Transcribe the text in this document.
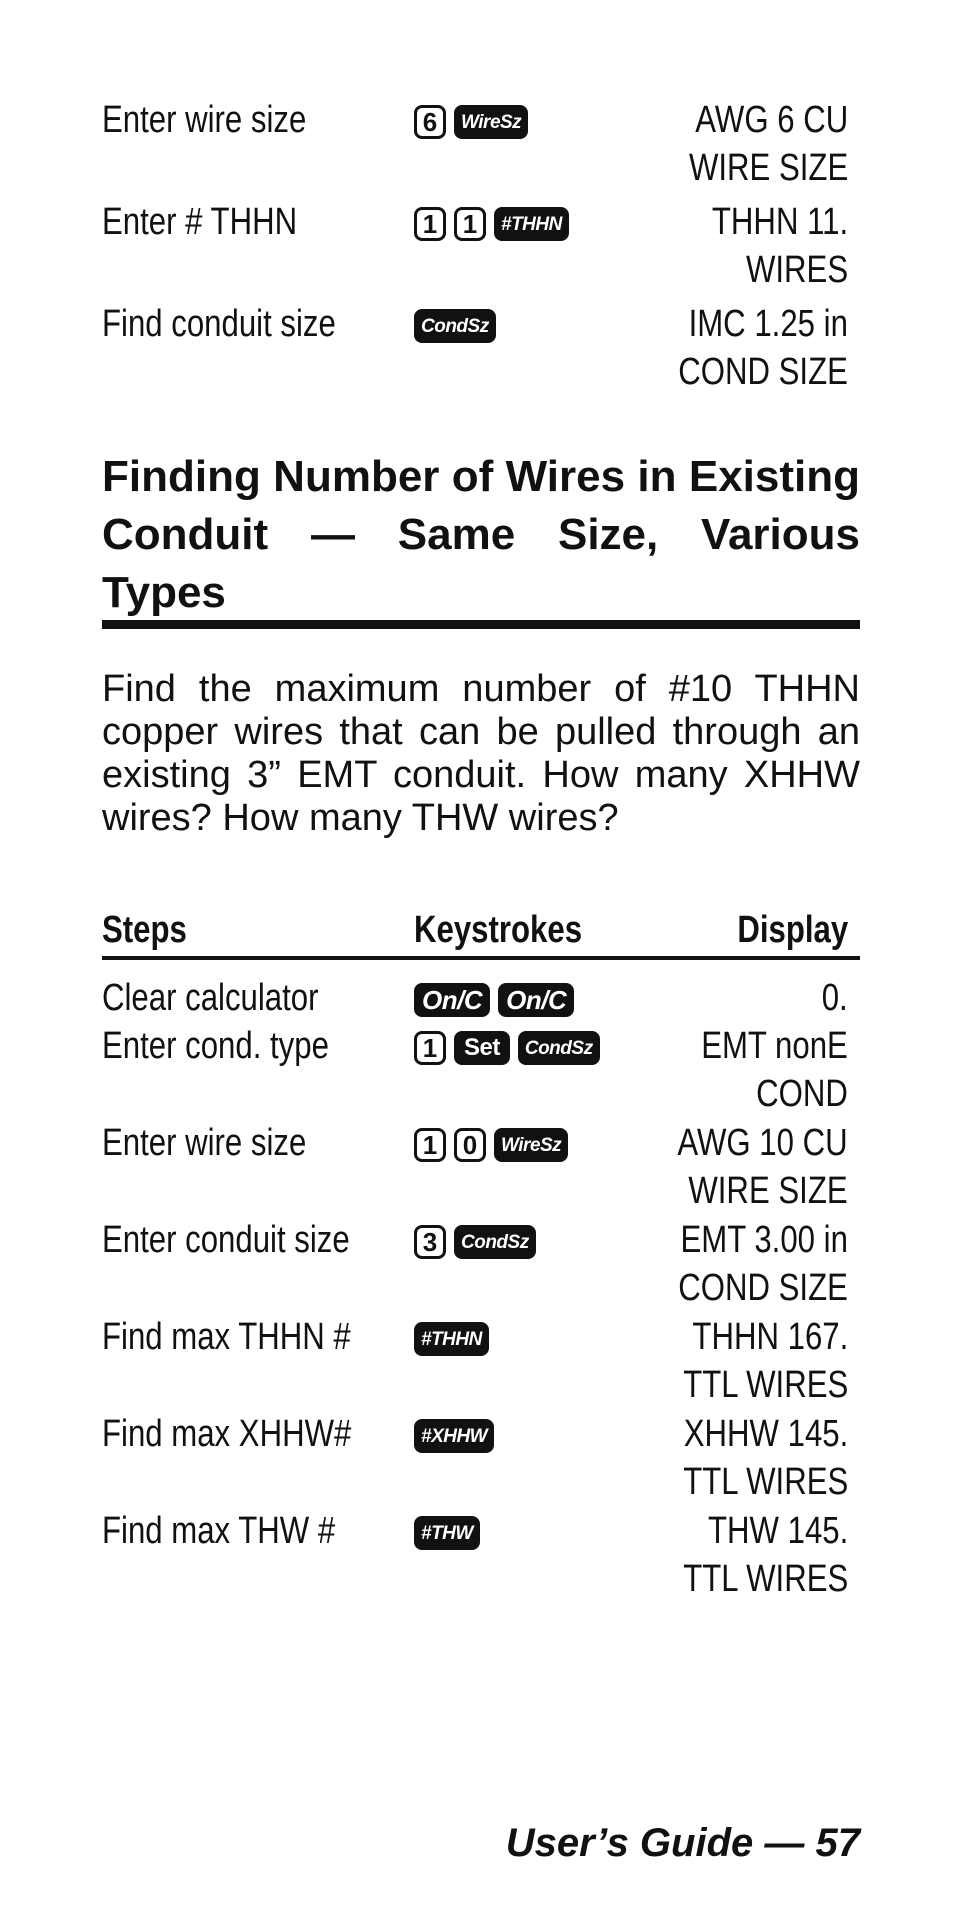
Enter wire size	6	WireSz	AWG 6 CU
WIRE SIZE
Enter # THHN	1 1	#THHN	THHN 11.
WIRES
Find conduit size	CondSz	IMC 1.25 in
COND SIZE
Finding Number of Wires in Existing Conduit — Same Size, Various Types

Find the maximum number of #10 THHN copper wires that can be pulled through an existing 3” EMT conduit. How many XHHW wires? How many THW wires?

Steps	Keystrokes	Display
Clear calculator	On/C On/C	0.
Enter cond. type	1	Set	CondSz	EMT nonE
COND
Enter wire size	1 0	WireSz	AWG 10 CU
WIRE SIZE
Enter conduit size	3	CondSz	EMT 3.00 in
COND SIZE
Find max THHN #	#THHN	THHN 167.
TTL WIRES
Find max XHHW#	#XHHW	XHHW 145.
TTL WIRES
Find max THW #	#THW	THW 145.
TTL WIRES
User’s Guide — 57
